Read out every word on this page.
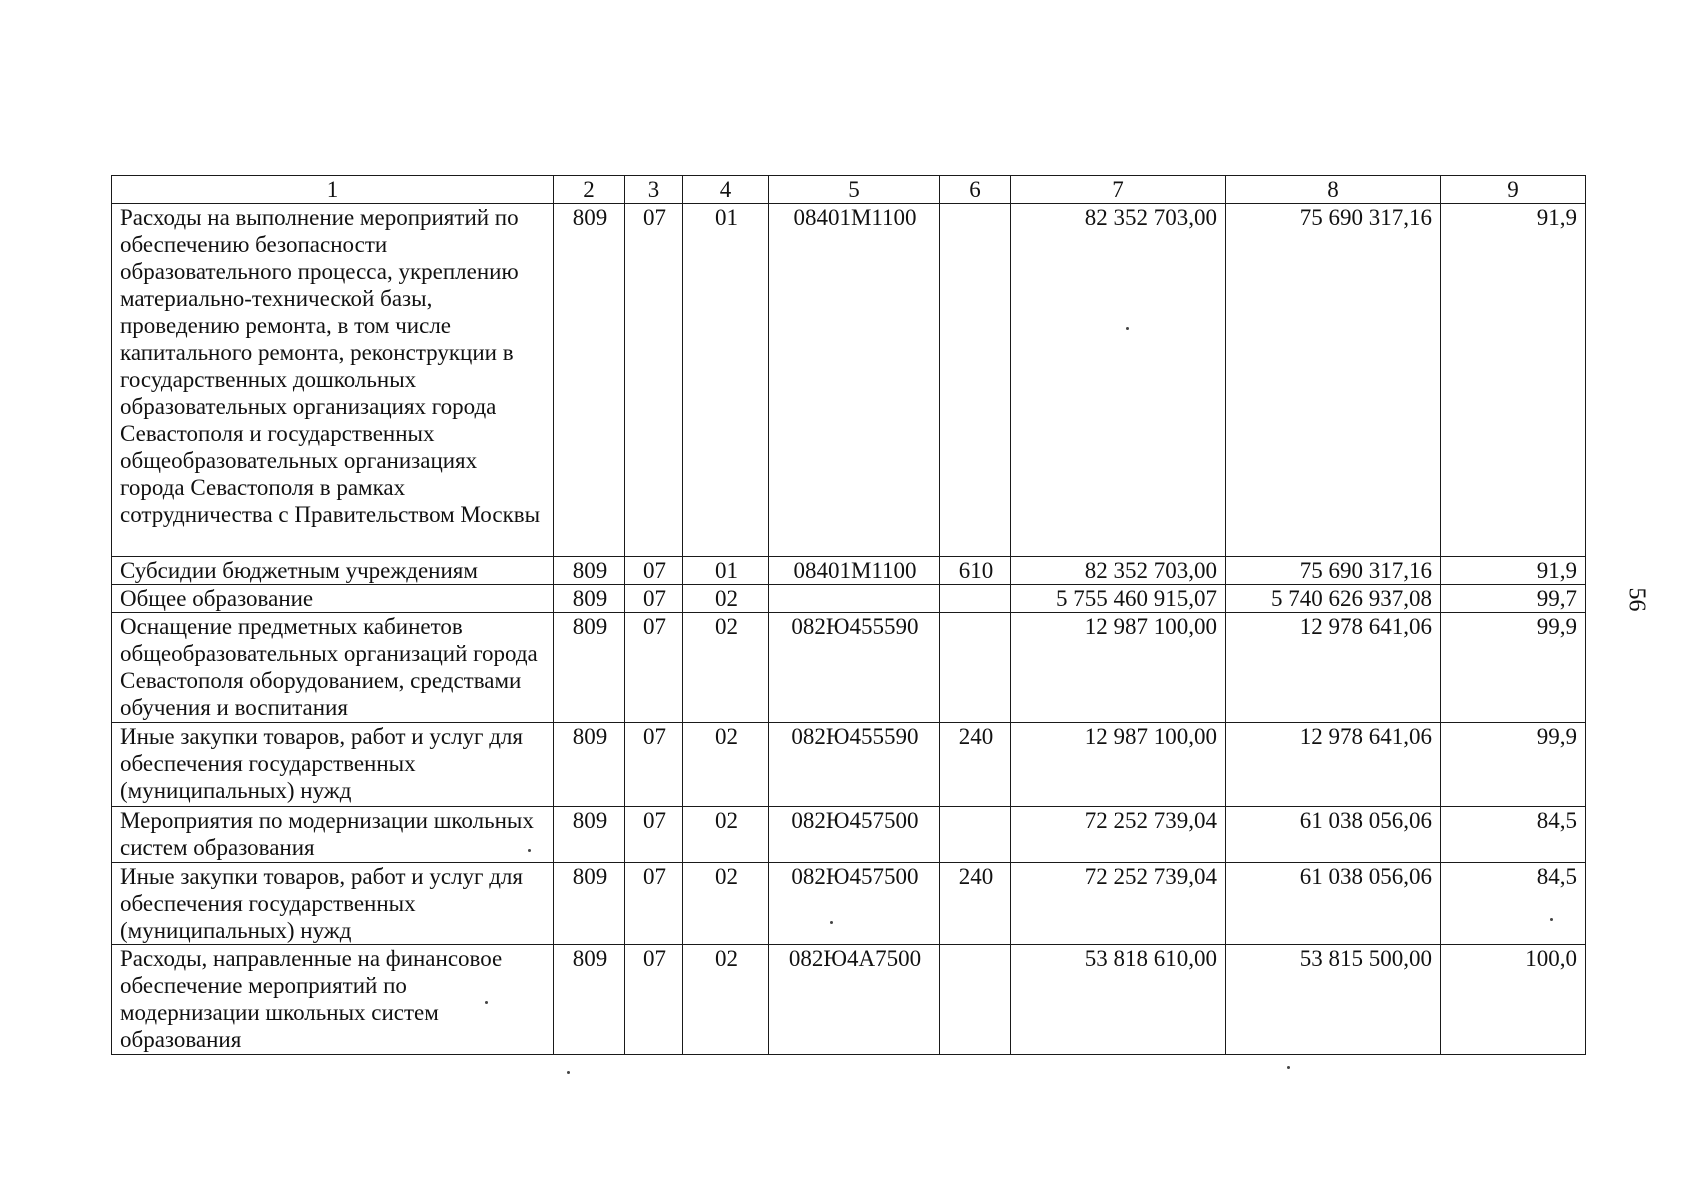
1	2	3	4	5	6	7	8	9
Расходы на выполнение мероприятий по обеспечению безопасности образовательного процесса, укреплению материально-технической базы, проведению ремонта, в том числе капитального ремонта, реконструкции в государственных дошкольных образовательных организациях города Севастополя и государственных общеобразовательных организациях города Севастополя в рамках сотрудничества с Правительством Москвы	809	07	01	08401М1100		82 352 703,00	75 690 317,16	91,9
Субсидии бюджетным учреждениям	809	07	01	08401М1100	610	82 352 703,00	75 690 317,16	91,9
Общее образование	809	07	02			5 755 460 915,07	5 740 626 937,08	99,7
Оснащение предметных кабинетов общеобразовательных организаций города Севастополя оборудованием, средствами обучения и воспитания	809	07	02	082Ю455590		12 987 100,00	12 978 641,06	99,9
Иные закупки товаров, работ и услуг для обеспечения государственных (муниципальных) нужд	809	07	02	082Ю455590	240	12 987 100,00	12 978 641,06	99,9
Мероприятия по модернизации школьных систем образования	809	07	02	082Ю457500		72 252 739,04	61 038 056,06	84,5
Иные закупки товаров, работ и услуг для обеспечения государственных (муниципальных) нужд	809	07	02	082Ю457500	240	72 252 739,04	61 038 056,06	84,5
Расходы, направленные на финансовое обеспечение мероприятий по модернизации школьных систем образования	809	07	02	082Ю4А7500		53 818 610,00	53 815 500,00	100,0
56
